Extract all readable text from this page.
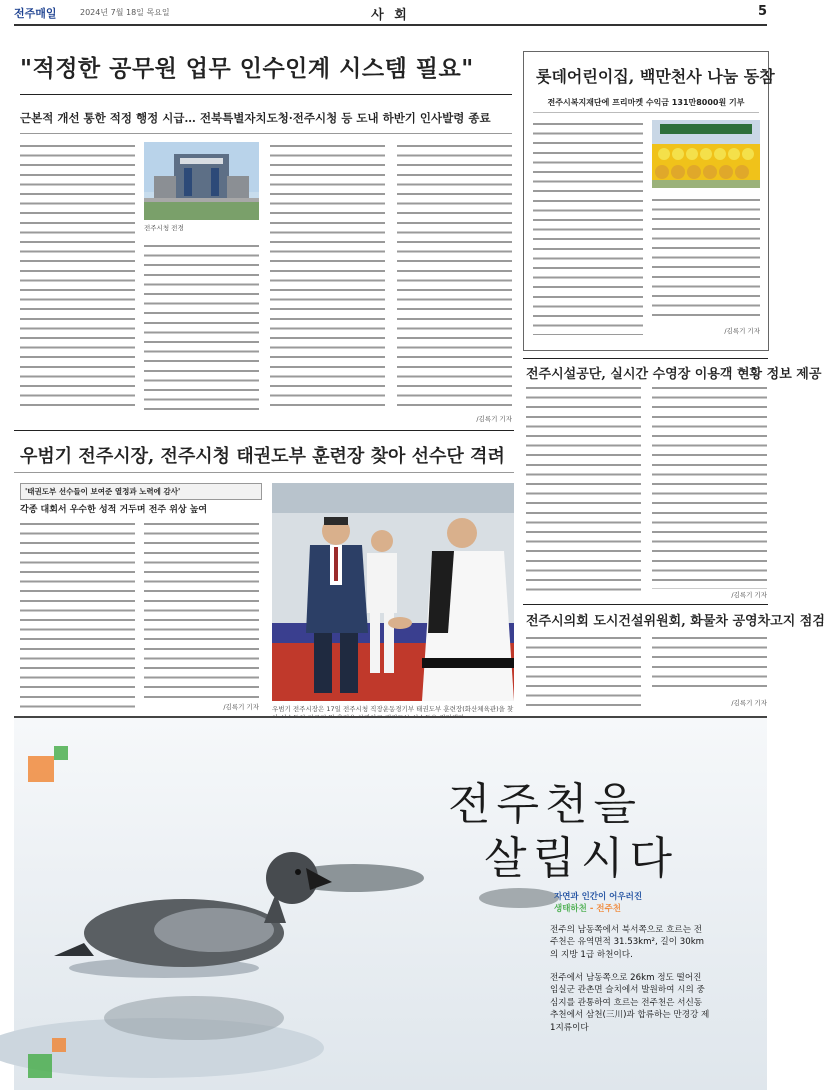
전주매일	2024년 7월 18일 목요일	사 회	5
"적정한 공무원 업무 인수인계 시스템 필요"
근본적 개선 통한 적정 행정 시급… 전북특별자치도청·전주시청 등 도내 하반기 인사발령 종료
전주시청 전경
/김록기 기자
롯데어린이집, 백만천사 나눔 동참
전주시복지재단에 프리마켓 수익금 131만8000원 기부
/김록기 기자
전주시설공단, 실시간 수영장 이용객 현황 정보 제공
/김록기 기자
전주시의회 도시건설위원회, 화물차 공영차고지 점검
/김록기 기자
우범기 전주시장, 전주시청 태권도부 훈련장 찾아 선수단 격려
'태권도부 선수들이 보여준 열정과 노력에 감사'
각종 대회서 우수한 성적 거두며 전주 위상 높여
/김록기 기자 우범기 전주시장은 17일 전주시청 직장운동경기부 태권도부 훈련장(화산체육관)을 찾
전주천을
살립시다
자연과 인간이 어우러진
생태하천 - 전주천
전주의 남동쪽에서 북서쪽으로 흐르는 전주천은 유역면적 31.53km², 길이 30km의 지방 1급 하천이다.
전주에서 남동쪽으로 26km 정도 떨어진 임실군 관촌면 슬치에서 발원하여 시의 중심지를 관통하여 흐르는 전주천은 서신동 추천에서 삼천(三川)과 합류하는 만경강 제1지류이다
